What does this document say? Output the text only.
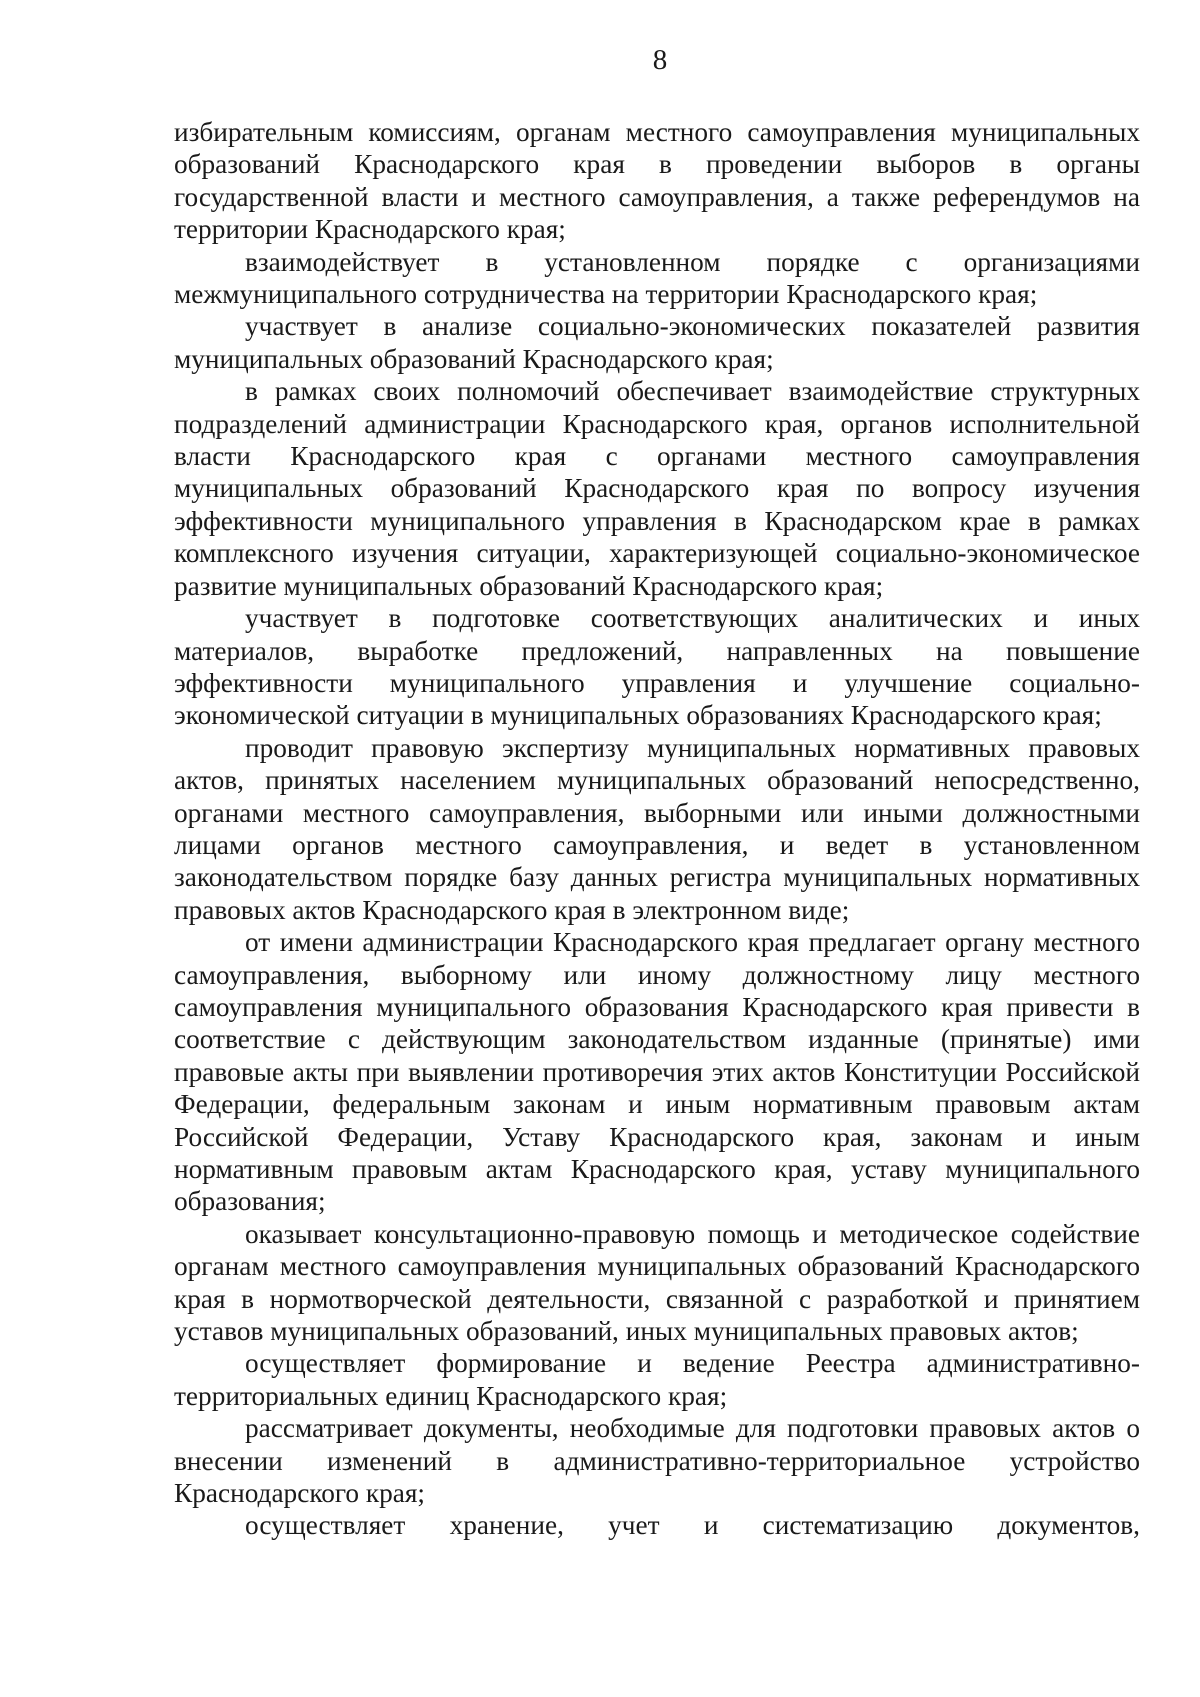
8

избирательным комиссиям, органам местного самоуправления муниципальных образований Краснодарского края в проведении выборов в органы государственной власти и местного самоуправления, а также референдумов на территории Краснодарского края;

взаимодействует в установленном порядке с организациями межмуниципального сотрудничества на территории Краснодарского края;

участвует в анализе социально-экономических показателей развития муниципальных образований Краснодарского края;

в рамках своих полномочий обеспечивает взаимодействие структурных подразделений администрации Краснодарского края, органов исполнительной власти Краснодарского края с органами местного самоуправления муниципальных образований Краснодарского края по вопросу изучения эффективности муниципального управления в Краснодарском крае в рамках комплексного изучения ситуации, характеризующей социально-экономическое развитие муниципальных образований Краснодарского края;

участвует в подготовке соответствующих аналитических и иных материалов, выработке предложений, направленных на повышение эффективности муниципального управления и улучшение социально-экономической ситуации в муниципальных образованиях Краснодарского края;

проводит правовую экспертизу муниципальных нормативных правовых актов, принятых населением муниципальных образований непосредственно, органами местного самоуправления, выборными или иными должностными лицами органов местного самоуправления, и ведет в установленном законодательством порядке базу данных регистра муниципальных нормативных правовых актов Краснодарского края в электронном виде;

от имени администрации Краснодарского края предлагает органу местного самоуправления, выборному или иному должностному лицу местного самоуправления муниципального образования Краснодарского края привести в соответствие с действующим законодательством изданные (принятые) ими правовые акты при выявлении противоречия этих актов Конституции Российской Федерации, федеральным законам и иным нормативным правовым актам Российской Федерации, Уставу Краснодарского края, законам и иным нормативным правовым актам Краснодарского края, уставу муниципального образования;

оказывает консультационно-правовую помощь и методическое содействие органам местного самоуправления муниципальных образований Краснодарского края в нормотворческой деятельности, связанной с разработкой и принятием уставов муниципальных образований, иных муниципальных правовых актов;

осуществляет формирование и ведение Реестра административно-территориальных единиц Краснодарского края;

рассматривает документы, необходимые для подготовки правовых актов о внесении изменений в административно-территориальное устройство Краснодарского края;

осуществляет хранение, учет и систематизацию документов,
